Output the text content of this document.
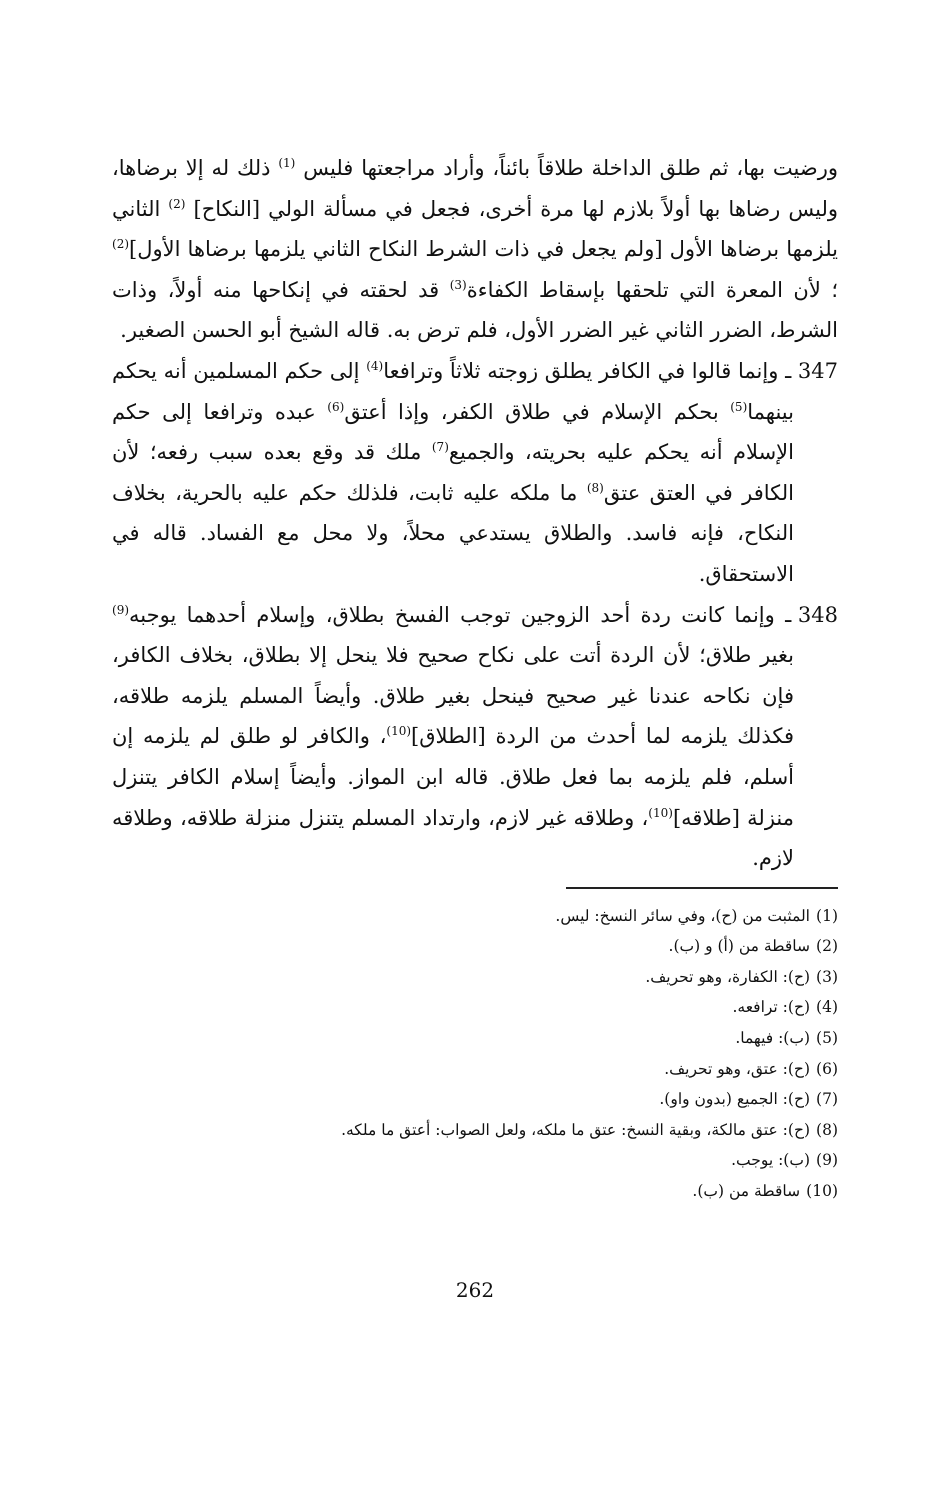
ورضيت بها، ثم طلق الداخلة طلاقاً بائناً، وأراد مراجعتها فليس $^{(1)}$ ذلك له إلا برضاها، وليس رضاها بها أولاً بلازم لها مرة أخرى، فجعل في مسألة الولي [النكاح] $^{(2)}$ الثاني يلزمها برضاها الأول [ولم يجعل في ذات الشرط النكاح الثاني يلزمها برضاها الأول]$^{(2)}$ ؛ لأن المعرة التي تلحقها بإسقاط الكفاءة$^{(3)}$ قد لحقته في إنكاحها منه أولاً، وذات الشرط، الضرر الثاني غير الضرر الأول، فلم ترض به. قاله الشيخ أبو الحسن الصغير.

347 ـ وإنما قالوا في الكافر يطلق زوجته ثلاثاً وترافعا$^{(4)}$ إلى حكم المسلمين أنه يحكم بينهما$^{(5)}$ بحكم الإسلام في طلاق الكفر، وإذا أعتق$^{(6)}$ عبده وترافعا إلى حكم الإسلام أنه يحكم عليه بحريته، والجميع$^{(7)}$ ملك قد وقع بعده سبب رفعه؛ لأن الكافر في العتق عتق$^{(8)}$ ما ملكه عليه ثابت، فلذلك حكم عليه بالحرية، بخلاف النكاح، فإنه فاسد. والطلاق يستدعي محلاً، ولا محل مع الفساد. قاله في الاستحقاق.

348 ـ وإنما كانت ردة أحد الزوجين توجب الفسخ بطلاق، وإسلام أحدهما يوجبه$^{(9)}$ بغير طلاق؛ لأن الردة أتت على نكاح صحيح فلا ينحل إلا بطلاق، بخلاف الكافر، فإن نكاحه عندنا غير صحيح فينحل بغير طلاق. وأيضاً المسلم يلزمه طلاقه، فكذلك يلزمه لما أحدث من الردة [الطلاق]$^{(10)}$، والكافر لو طلق لم يلزمه إن أسلم، فلم يلزمه بما فعل طلاق. قاله ابن المواز. وأيضاً إسلام الكافر يتنزل منزلة [طلاقه]$^{(10)}$، وطلاقه غير لازم، وارتداد المسلم يتنزل منزلة طلاقه، وطلاقه لازم.

(1)المثبت من (ح)، وفي سائر النسخ: ليس.
(2)ساقطة من (أ) و (ب).
(3)(ح): الكفارة، وهو تحريف.
(4)(ح): ترافعه.
(5)(ب): فيهما.
(6)(ح): عتق، وهو تحريف.
(7)(ح): الجميع (بدون واو).
(8)(ح): عتق مالكة، وبقية النسخ: عتق ما ملكه، ولعل الصواب: أعتق ما ملكه.
(9)(ب): يوجب.
(10)ساقطة من (ب).
262
